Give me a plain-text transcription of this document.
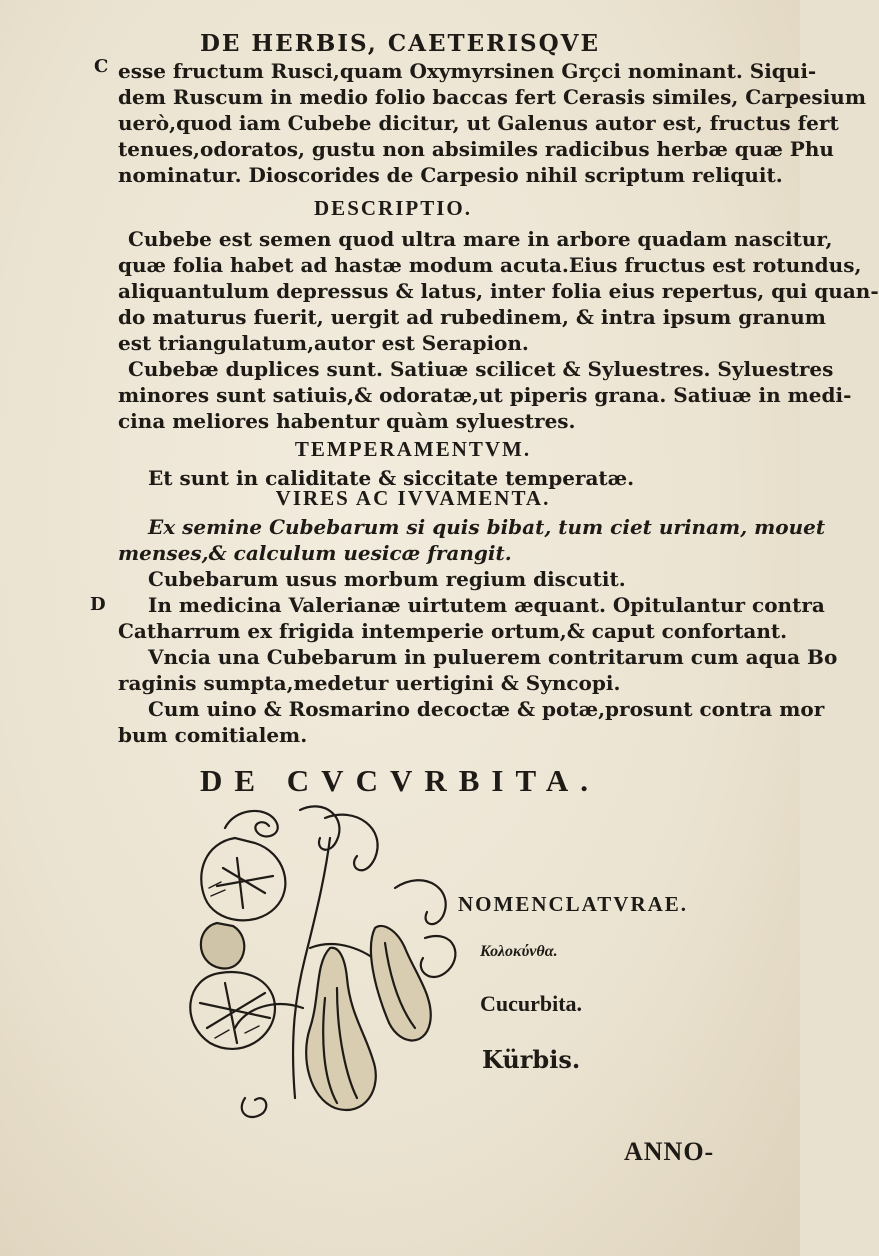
DE HERBIS, CAETERISQVE
C
D
esse fructum Rusci,quam Oxymyrsinen Grçci nominant. Siqui-
dem Ruscum in medio folio baccas fert Cerasis similes, Carpesium
uerò,quod iam Cubebe dicitur, ut Galenus autor est, fructus fert
tenues,odoratos, gustu non absimiles radicibus herbæ quæ Phu
nominatur. Dioscorides de Carpesio nihil scriptum reliquit.
DESCRIPTIO.
Cubebe est semen quod ultra mare in arbore quadam nascitur,
quæ folia habet ad hastæ modum acuta.Eius fructus est rotundus,
aliquantulum depressus & latus, inter folia eius repertus, qui quan-
do maturus fuerit, uergit ad rubedinem, & intra ipsum granum
est triangulatum,autor est Serapion.
Cubebæ duplices sunt. Satiuæ scilicet & Syluestres. Syluestres
minores sunt satiuis,& odoratæ,ut piperis grana. Satiuæ in medi-
cina meliores habentur quàm syluestres.
TEMPERAMENTVM.
Et sunt in caliditate & siccitate temperatæ.
VIRES AC IVVAMENTA.
Ex semine Cubebarum si quis bibat, tum ciet urinam, mouet
menses,& calculum uesicæ frangit.
Cubebarum usus morbum regium discutit.
In medicina Valerianæ uirtutem æquant. Opitulantur contra
Catharrum ex frigida intemperie ortum,& caput confortant.
Vncia una Cubebarum in puluerem contritarum cum aqua Bo
raginis sumpta,medetur uertigini & Syncopi.
Cum uino & Rosmarino decoctæ & potæ,prosunt contra mor
bum comitialem.
DE CVCVRBITA.
NOMENCLATVRAE.
Κολοκύνθα.
Cucurbita.
Kürbis.
ANNO-
